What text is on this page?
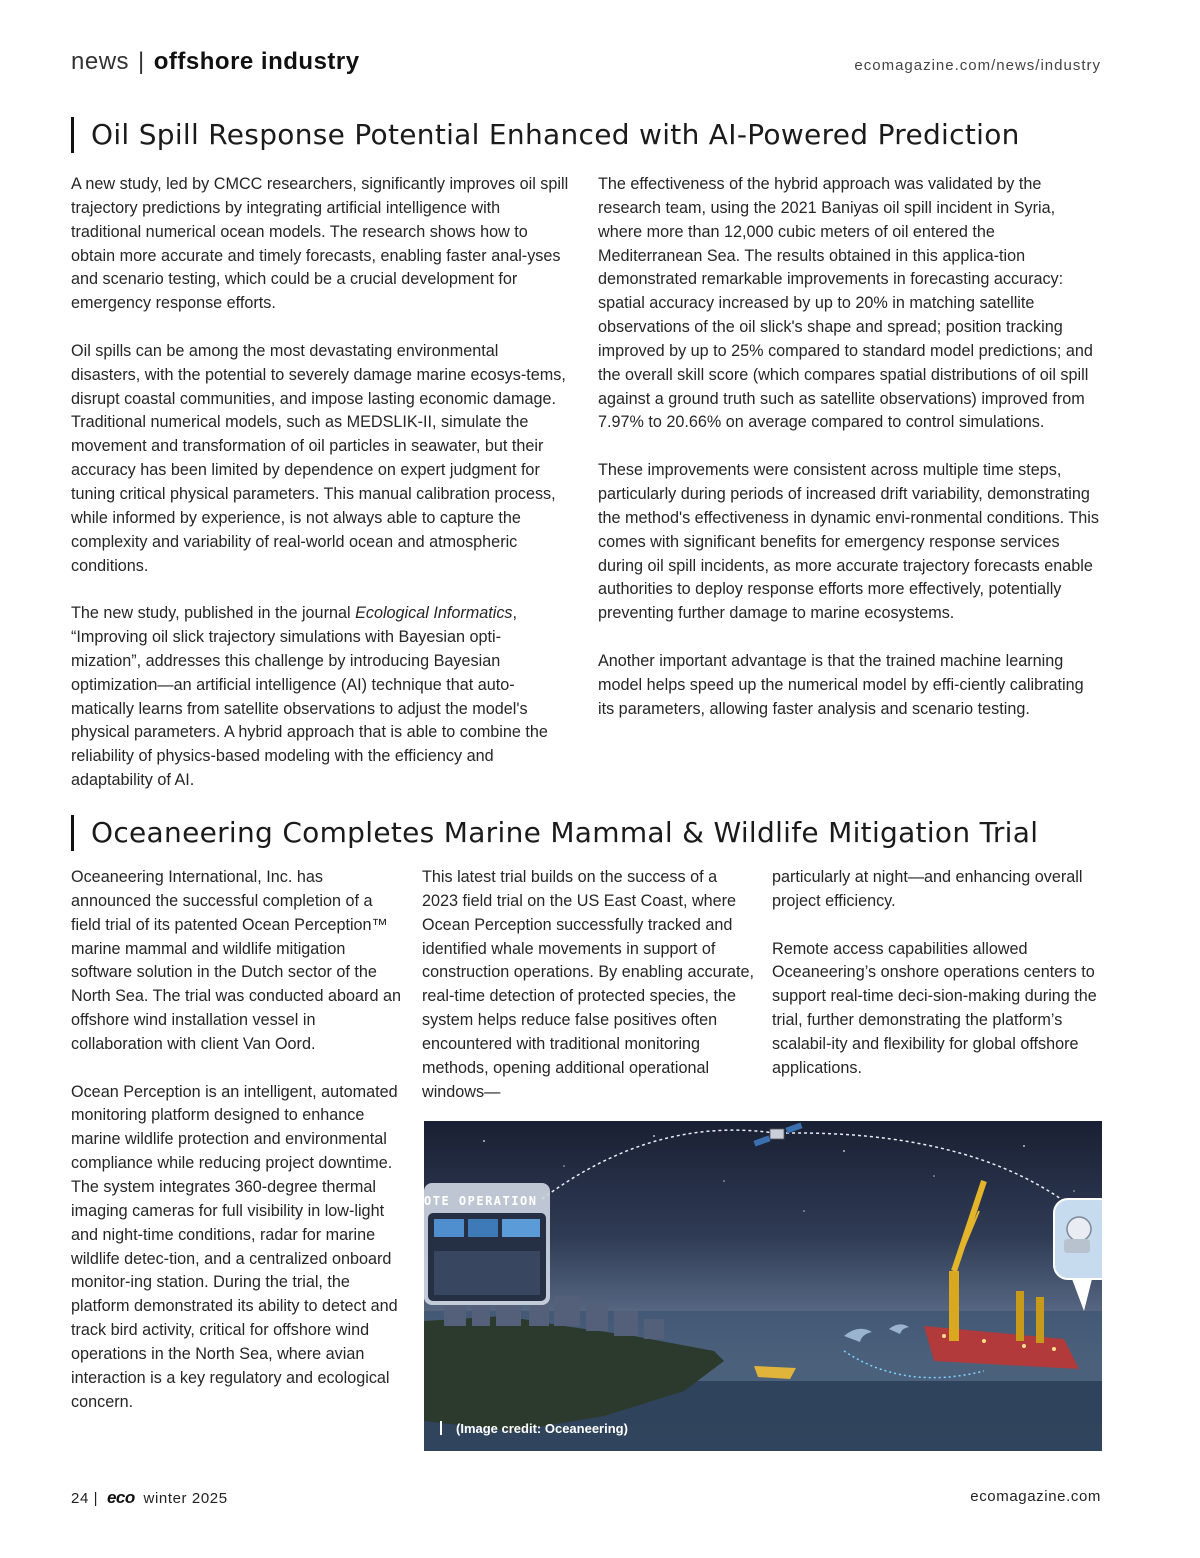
news | offshore industry	ecomagazine.com/news/industry
Oil Spill Response Potential Enhanced with AI-Powered Prediction

A new study, led by CMCC researchers, significantly improves oil spill trajectory predictions by integrating artificial intelligence with traditional numerical ocean models. The research shows how to obtain more accurate and timely forecasts, enabling faster anal-yses and scenario testing, which could be a crucial development for emergency response efforts.

Oil spills can be among the most devastating environmental disasters, with the potential to severely damage marine ecosys-tems, disrupt coastal communities, and impose lasting economic damage. Traditional numerical models, such as MEDSLIK-II, simulate the movement and transformation of oil particles in seawater, but their accuracy has been limited by dependence on expert judgment for tuning critical physical parameters. This manual calibration process, while informed by experience, is not always able to capture the complexity and variability of real-world ocean and atmospheric conditions.

The new study, published in the journal Ecological Informatics, “Improving oil slick trajectory simulations with Bayesian opti-mization”, addresses this challenge by introducing Bayesian optimization—an artificial intelligence (AI) technique that auto-matically learns from satellite observations to adjust the model's physical parameters. A hybrid approach that is able to combine the reliability of physics-based modeling with the efficiency and adaptability of AI.

The effectiveness of the hybrid approach was validated by the research team, using the 2021 Baniyas oil spill incident in Syria, where more than 12,000 cubic meters of oil entered the Mediterranean Sea. The results obtained in this applica-tion demonstrated remarkable improvements in forecasting accuracy: spatial accuracy increased by up to 20% in matching satellite observations of the oil slick's shape and spread; position tracking improved by up to 25% compared to standard model predictions; and the overall skill score (which compares spatial distributions of oil spill against a ground truth such as satellite observations) improved from 7.97% to 20.66% on average compared to control simulations.

These improvements were consistent across multiple time steps, particularly during periods of increased drift variability, demonstrating the method's effectiveness in dynamic envi-ronmental conditions. This comes with significant benefits for emergency response services during oil spill incidents, as more accurate trajectory forecasts enable authorities to deploy response efforts more effectively, potentially preventing further damage to marine ecosystems.

Another important advantage is that the trained machine learning model helps speed up the numerical model by effi-ciently calibrating its parameters, allowing faster analysis and scenario testing.

Oceaneering Completes Marine Mammal & Wildlife Mitigation Trial

Oceaneering International, Inc. has announced the successful completion of a field trial of its patented Ocean Perception™ marine mammal and wildlife mitigation software solution in the Dutch sector of the North Sea. The trial was conducted aboard an offshore wind installation vessel in collaboration with client Van Oord.

Ocean Perception is an intelligent, automated monitoring platform designed to enhance marine wildlife protection and environmental compliance while reducing project downtime. The system integrates 360-degree thermal imaging cameras for full visibility in low-light and night-time conditions, radar for marine wildlife detec-tion, and a centralized onboard monitor-ing station. During the trial, the platform demonstrated its ability to detect and track bird activity, critical for offshore wind operations in the North Sea, where avian interaction is a key regulatory and ecological concern.

This latest trial builds on the success of a 2023 field trial on the US East Coast, where Ocean Perception successfully tracked and identified whale movements in support of construction operations. By enabling accurate, real-time detection of protected species, the system helps reduce false positives often encountered with traditional monitoring methods, opening additional operational windows—

particularly at night—and enhancing overall project efficiency.

Remote access capabilities allowed Oceaneering’s onshore operations centers to support real-time deci-sion-making during the trial, further demonstrating the platform’s scalabil-ity and flexibility for global offshore applications.

OTE OPERATION
(Image credit: Oceaneering)
24 | eco winter 2025	ecomagazine.com
